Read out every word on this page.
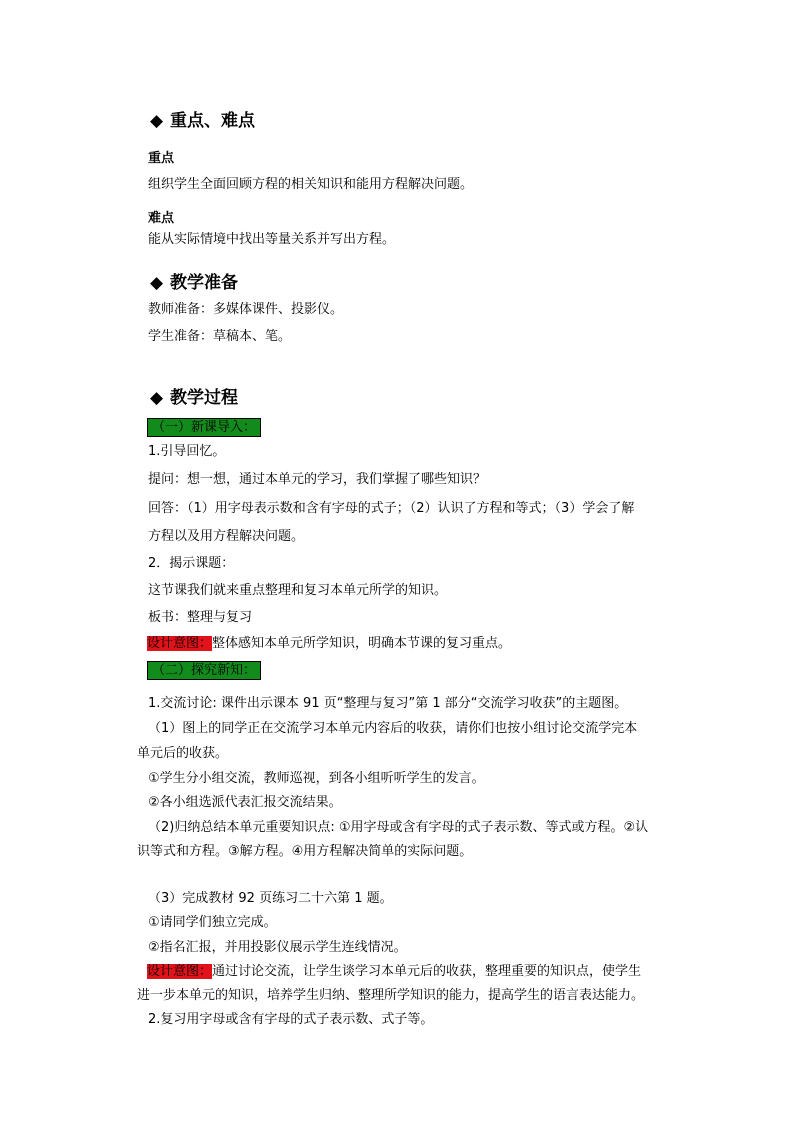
◆ 重点、难点
重点
组织学生全面回顾方程的相关知识和能用方程解决问题。
难点
能从实际情境中找出等量关系并写出方程。
◆ 教学准备
教师准备：多媒体课件、投影仪。
学生准备：草稿本、笔。
◆ 教学过程
（一）新课导入：
1.引导回忆。
提问：想一想，通过本单元的学习，我们掌握了哪些知识？
回答：（1）用字母表示数和含有字母的式子；（2）认识了方程和等式；（3）学会了解
方程以及用方程解决问题。
2．揭示课题：
这节课我们就来重点整理和复习本单元所学的知识。
板书：整理与复习
设计意图：整体感知本单元所学知识，明确本节课的复习重点。
（二）探究新知：
1.交流讨论: 课件出示课本 91 页“整理与复习”第 1 部分“交流学习收获”的主题图。
（1）图上的同学正在交流学习本单元内容后的收获，请你们也按小组讨论交流学完本
单元后的收获。
①学生分小组交流，教师巡视，到各小组听听学生的发言。
②各小组选派代表汇报交流结果。
（2)归纳总结本单元重要知识点: ①用字母或含有字母的式子表示数、等式或方程。②认
识等式和方程。③解方程。④用方程解决简单的实际问题。
（3）完成教材 92 页练习二十六第 1 题。
①请同学们独立完成。
②指名汇报，并用投影仪展示学生连线情况。
设计意图：通过讨论交流，让学生谈学习本单元后的收获，整理重要的知识点，使学生
进一步本单元的知识，培养学生归纳、整理所学知识的能力，提高学生的语言表达能力。
2.复习用字母或含有字母的式子表示数、式子等。
